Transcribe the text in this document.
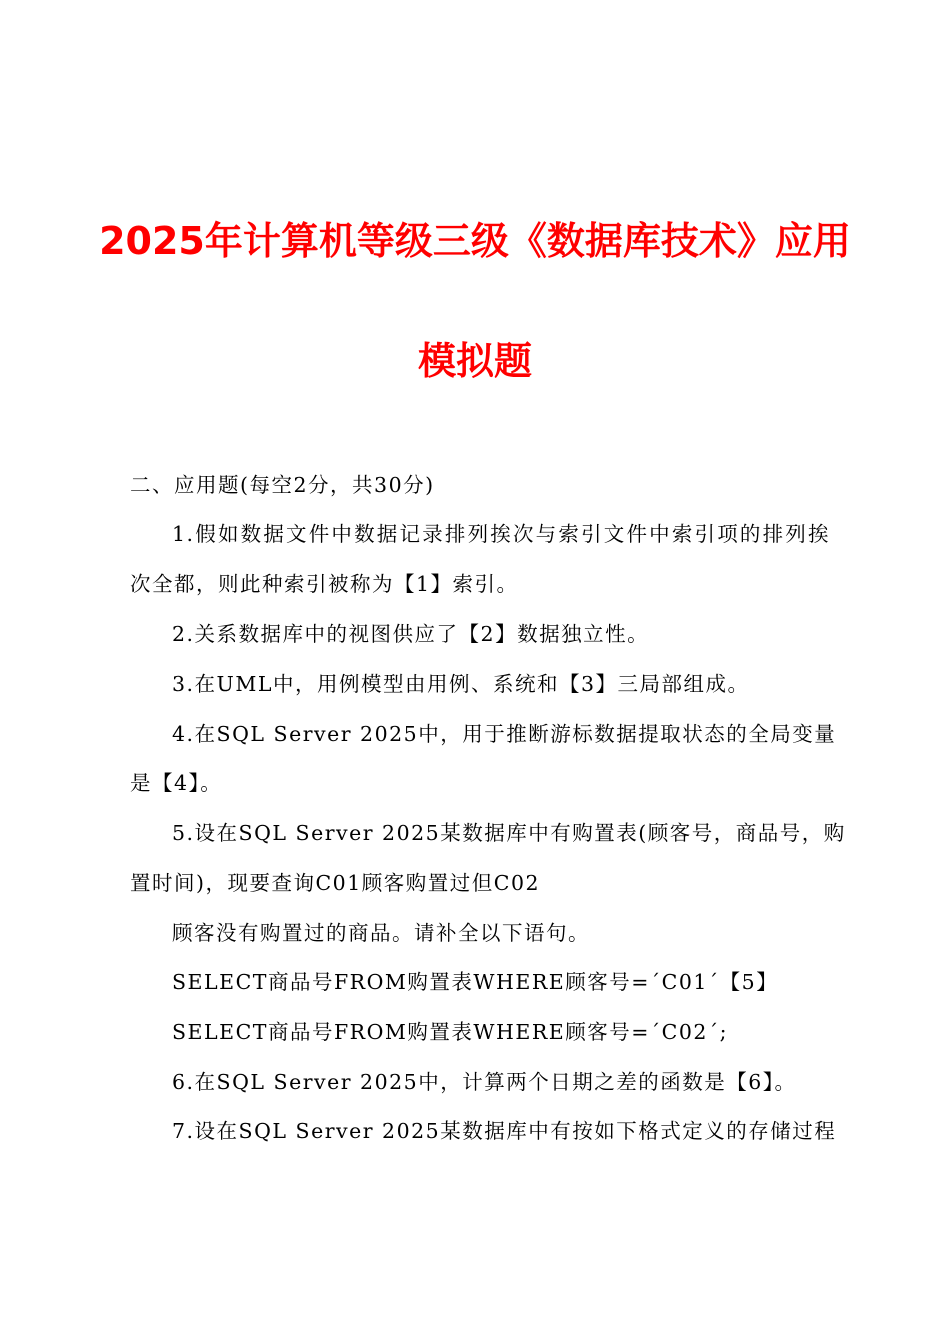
2025年计算机等级三级《数据库技术》应用
模拟题
二、应用题(每空2分，共30分)
1.假如数据文件中数据记录排列挨次与索引文件中索引项的排列挨
次全都，则此种索引被称为【1】索引。
2.关系数据库中的视图供应了【2】数据独立性。
3.在UML中，用例模型由用例、系统和【3】三局部组成。
4.在SQL Server 2025中，用于推断游标数据提取状态的全局变量
是【4】。
5.设在SQL Server 2025某数据库中有购置表(顾客号，商品号，购
置时间)，现要查询C01顾客购置过但C02
顾客没有购置过的商品。请补全以下语句。
SELECT商品号FROM购置表WHERE顾客号=´C01´【5】
SELECT商品号FROM购置表WHERE顾客号=´C02´;
6.在SQL Server 2025中，计算两个日期之差的函数是【6】。
7.设在SQL Server 2025某数据库中有按如下格式定义的存储过程
